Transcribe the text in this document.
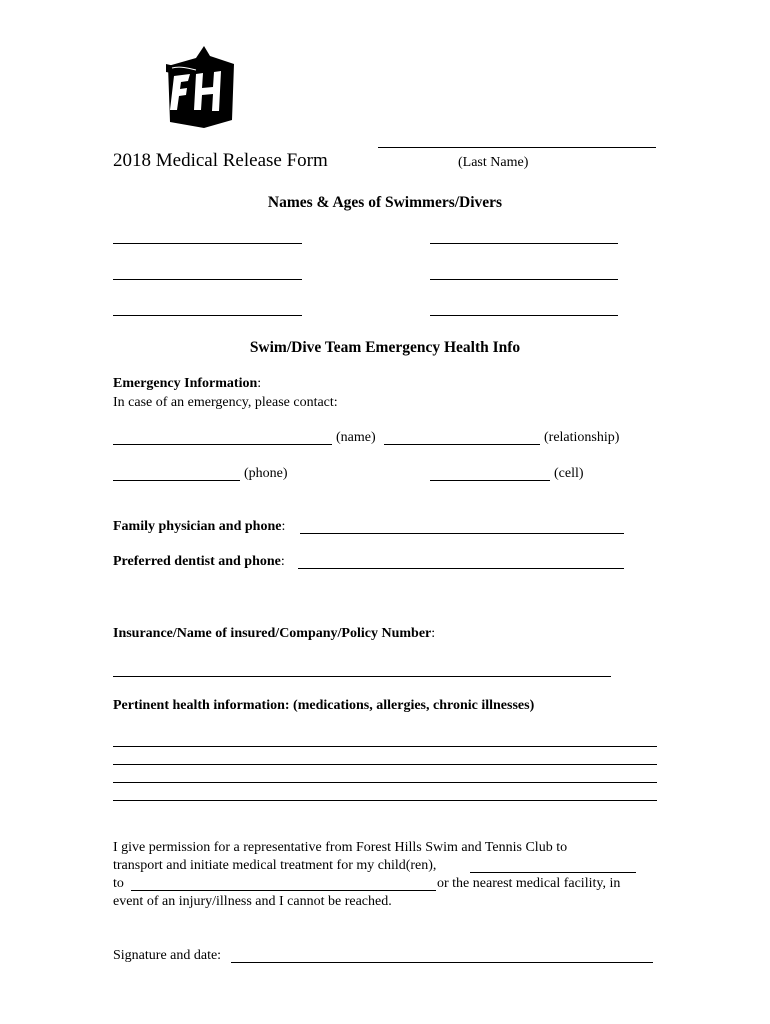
2018 Medical Release Form	(Last Name)
Names & Ages of Swimmers/Divers
Swim/Dive Team Emergency Health Info
Emergency Information:
In case of an emergency, please contact:
(name)	(relationship)
(phone)	(cell)
Family physician and phone:
Preferred dentist and phone:
Insurance/Name of insured/Company/Policy Number:
Pertinent health information: (medications, allergies, chronic illnesses)
I give permission for a representative from Forest Hills Swim and Tennis Club to
transport and initiate medical treatment for my child(ren),
to	or the nearest medical facility, in
event of an injury/illness and I cannot be reached.
Signature and date:
